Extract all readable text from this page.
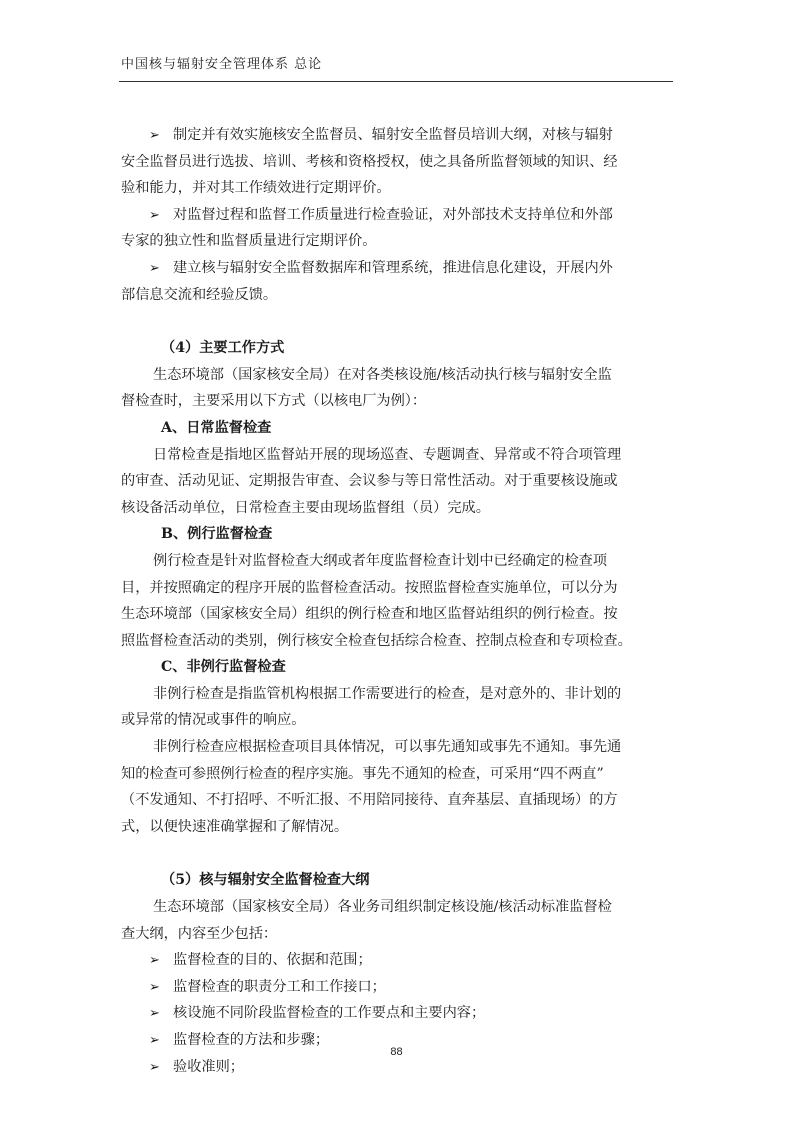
中国核与辐射安全管理体系 总论
➢ 制定并有效实施核安全监督员、辐射安全监督员培训大纲，对核与辐射
安全监督员进行选拔、培训、考核和资格授权，使之具备所监督领域的知识、经
验和能力，并对其工作绩效进行定期评价。
➢ 对监督过程和监督工作质量进行检查验证，对外部技术支持单位和外部
专家的独立性和监督质量进行定期评价。
➢ 建立核与辐射安全监督数据库和管理系统，推进信息化建设，开展内外
部信息交流和经验反馈。
（4）主要工作方式
生态环境部（国家核安全局）在对各类核设施/核活动执行核与辐射安全监
督检查时，主要采用以下方式（以核电厂为例）：
A、日常监督检查
日常检查是指地区监督站开展的现场巡查、专题调查、异常或不符合项管理
的审查、活动见证、定期报告审查、会议参与等日常性活动。对于重要核设施或
核设备活动单位，日常检查主要由现场监督组（员）完成。
B、例行监督检查
例行检查是针对监督检查大纲或者年度监督检查计划中已经确定的检查项
目，并按照确定的程序开展的监督检查活动。按照监督检查实施单位，可以分为
生态环境部（国家核安全局）组织的例行检查和地区监督站组织的例行检查。按
照监督检查活动的类别，例行核安全检查包括综合检查、控制点检查和专项检查。
C、非例行监督检查
非例行检查是指监管机构根据工作需要进行的检查，是对意外的、非计划的
或异常的情况或事件的响应。
非例行检查应根据检查项目具体情况，可以事先通知或事先不通知。事先通
知的检查可参照例行检查的程序实施。事先不通知的检查，可采用“四不两直”
（不发通知、不打招呼、不听汇报、不用陪同接待、直奔基层、直插现场）的方
式，以便快速准确掌握和了解情况。
（5）核与辐射安全监督检查大纲
生态环境部（国家核安全局）各业务司组织制定核设施/核活动标准监督检
查大纲，内容至少包括：
➢ 监督检查的目的、依据和范围；
➢ 监督检查的职责分工和工作接口；
➢ 核设施不同阶段监督检查的工作要点和主要内容；
➢ 监督检查的方法和步骤；
➢ 验收准则；
88
